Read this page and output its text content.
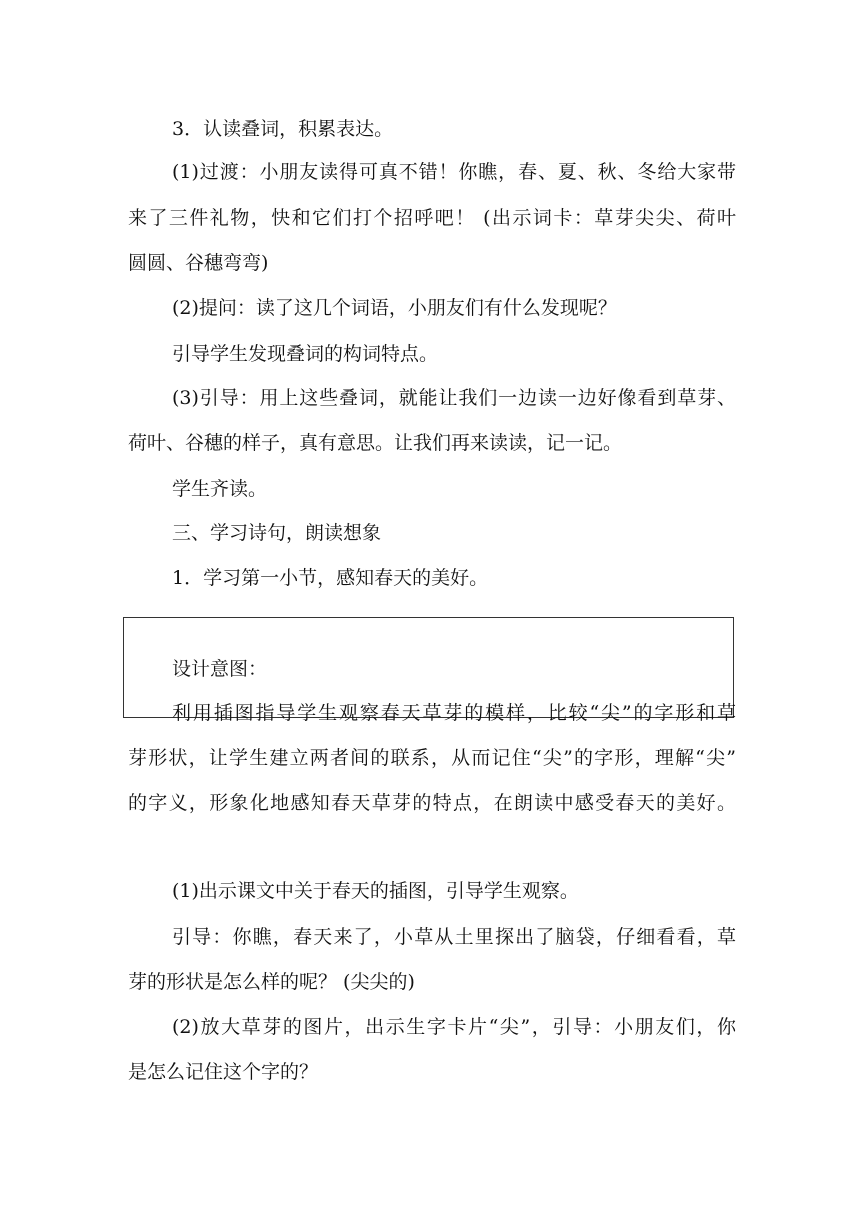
3．认读叠词，积累表达。
(1)过渡：小朋友读得可真不错！你瞧，春、夏、秋、冬给大家带
来了三件礼物，快和它们打个招呼吧！ (出示词卡：草芽尖尖、荷叶
圆圆、谷穗弯弯)
(2)提问：读了这几个词语，小朋友们有什么发现呢？
引导学生发现叠词的构词特点。
(3)引导：用上这些叠词，就能让我们一边读一边好像看到草芽、
荷叶、谷穗的样子，真有意思。让我们再来读读，记一记。
学生齐读。
三、学习诗句，朗读想象
1．学习第一小节，感知春天的美好。
设计意图：
利用插图指导学生观察春天草芽的模样，比较“尖”的字形和草
芽形状，让学生建立两者间的联系，从而记住“尖”的字形，理解“尖”
的字义，形象化地感知春天草芽的特点，在朗读中感受春天的美好。
(1)出示课文中关于春天的插图，引导学生观察。
引导：你瞧，春天来了，小草从土里探出了脑袋，仔细看看，草
芽的形状是怎么样的呢？ (尖尖的)
(2)放大草芽的图片，出示生字卡片“尖”，引导：小朋友们，你
是怎么记住这个字的？
